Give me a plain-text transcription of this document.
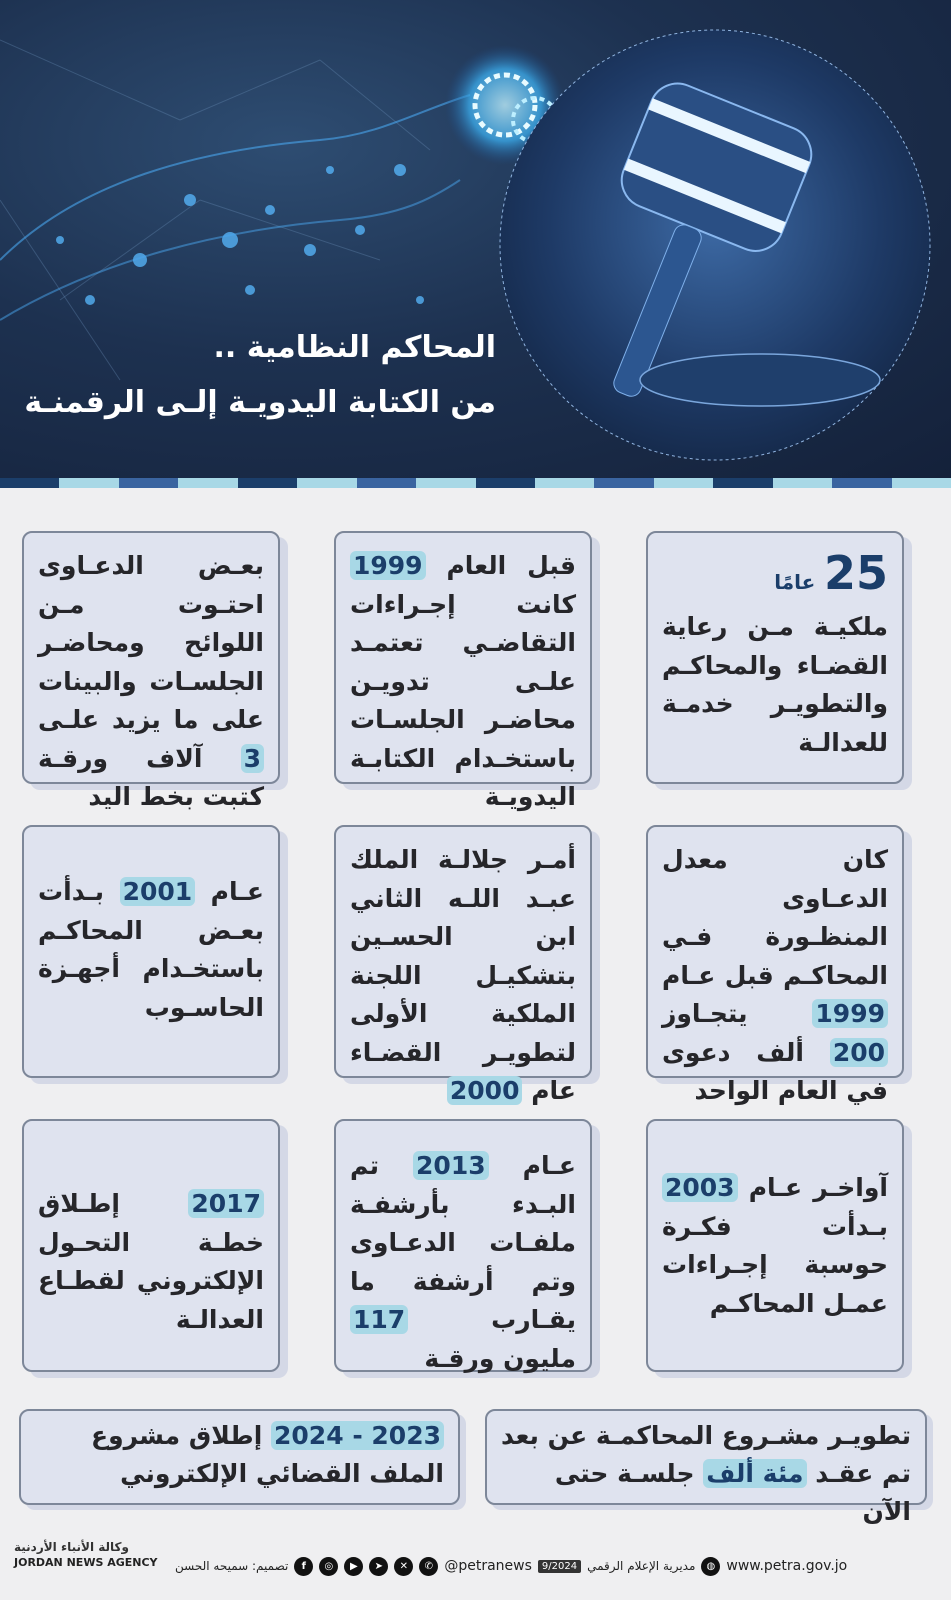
المحاكم النظامية ..
من الكتابة اليدويـة إلـى الرقمنـة
25 عامًا
ملكيـة مـن رعاية القضـاء والمحاكـم والتطويـر خدمـة للعدالـة
قبل العام 1999 كانت إجـراءات التقاضـي تعتمـد علـى تدويـن محاضـر الجلسـات باستخـدام الكتابـة اليدويـة
بعـض الدعـاوى احتـوت مـن اللوائح ومحاضـر الجلسـات والبينات على ما يزيد علـى 3 آلاف ورقـة كتبت بخط اليد
كان معدل الدعـاوى المنظـورة فـي المحاكـم قبل عـام 1999 يتجـاوز 200 ألف دعوى في العام الواحد
أمـر جلالـة الملك عبـد اللـه الثاني ابن الحسـين بتشكيـل اللجنة الملكية الأولى لتطويـر القضـاء عام 2000
عـام 2001 بـدأت بعـض المحاكـم باستخـدام أجهـزة الحاسـوب
آواخـر عـام 2003 بـدأت فكـرة حوسبة إجـراءات عمـل المحاكـم
عـام 2013 تم البـدء بأرشفـة ملفـات الدعـاوى وتم أرشفة ما يقـارب 117 مليون ورقـة
2017 إطـلاق خطـة التحـول الإلكتروني لقطـاع العدالـة
تطويـر مشـروع المحاكمـة عن بعد تم عقـد مئة ألف جلسـة حتى الآن
2023 - 2024 إطلاق مشروع الملف القضائي الإلكتروني
وكالة الأنباء الأردنية
JORDAN NEWS AGENCY تصميم: سميحه الحسن	f	◎	▶	➤	✕	✆ @petranews	9/2024 مديرية الإعلام الرقمي	◍ www.petra.gov.jo
